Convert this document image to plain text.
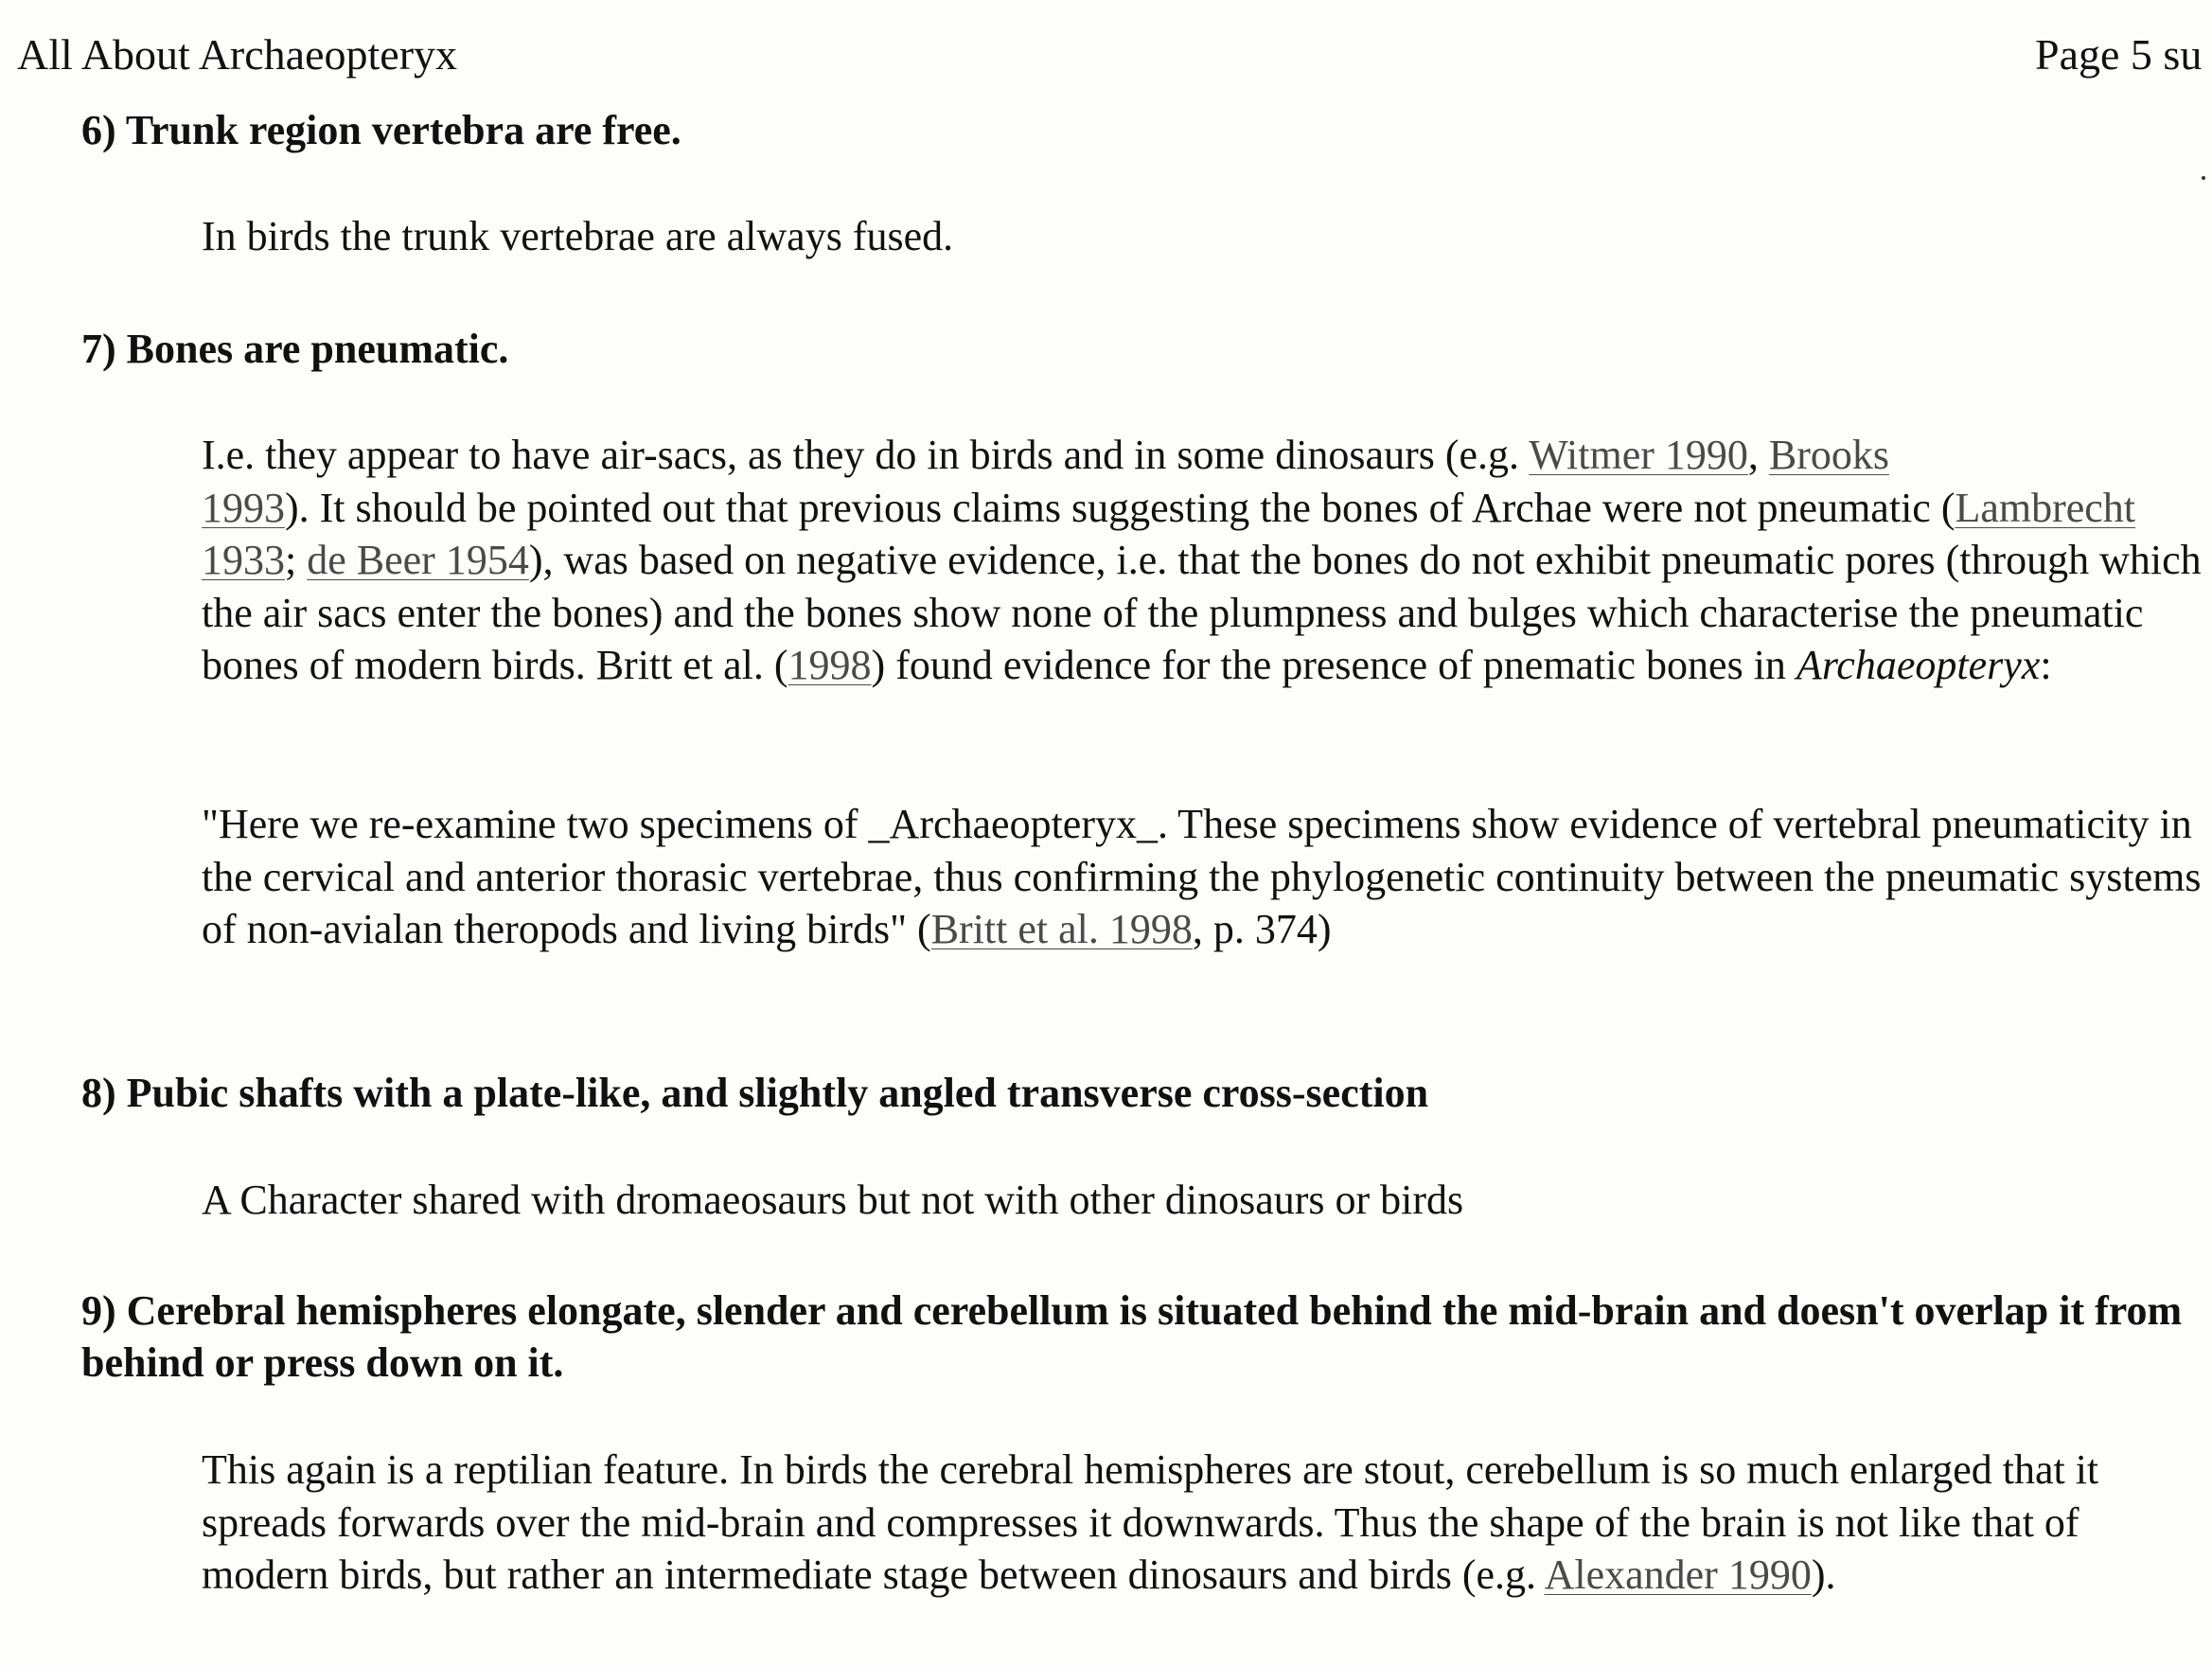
All About Archaeopteryx	Page 5 su
6) Trunk region vertebra are free.
In birds the trunk vertebrae are always fused.
7) Bones are pneumatic.
I.e. they appear to have air-sacs, as they do in birds and in some dinosaurs (e.g. Witmer 1990, Brooks
1993). It should be pointed out that previous claims suggesting the bones of Archae were not pneumatic (Lambrecht 1933; de Beer 1954), was based on negative evidence, i.e. that the bones do not exhibit pneumatic pores (through which the air sacs enter the bones) and the bones show none of the plumpness and bulges which characterise the pneumatic bones of modern birds. Britt et al. (1998) found evidence for the presence of pnematic bones in Archaeopteryx:
"Here we re-examine two specimens of _Archaeopteryx_. These specimens show evidence of vertebral pneumaticity in the cervical and anterior thorasic vertebrae, thus confirming the phylogenetic continuity between the pneumatic systems of non-avialan theropods and living birds" (Britt et al. 1998, p. 374)
8) Pubic shafts with a plate-like, and slightly angled transverse cross-section
A Character shared with dromaeosaurs but not with other dinosaurs or birds
9) Cerebral hemispheres elongate, slender and cerebellum is situated behind the mid-brain and doesn't overlap it from behind or press down on it.
This again is a reptilian feature. In birds the cerebral hemispheres are stout, cerebellum is so much enlarged that it spreads forwards over the mid-brain and compresses it downwards. Thus the shape of the brain is not like that of modern birds, but rather an intermediate stage between dinosaurs and birds (e.g. Alexander 1990).
